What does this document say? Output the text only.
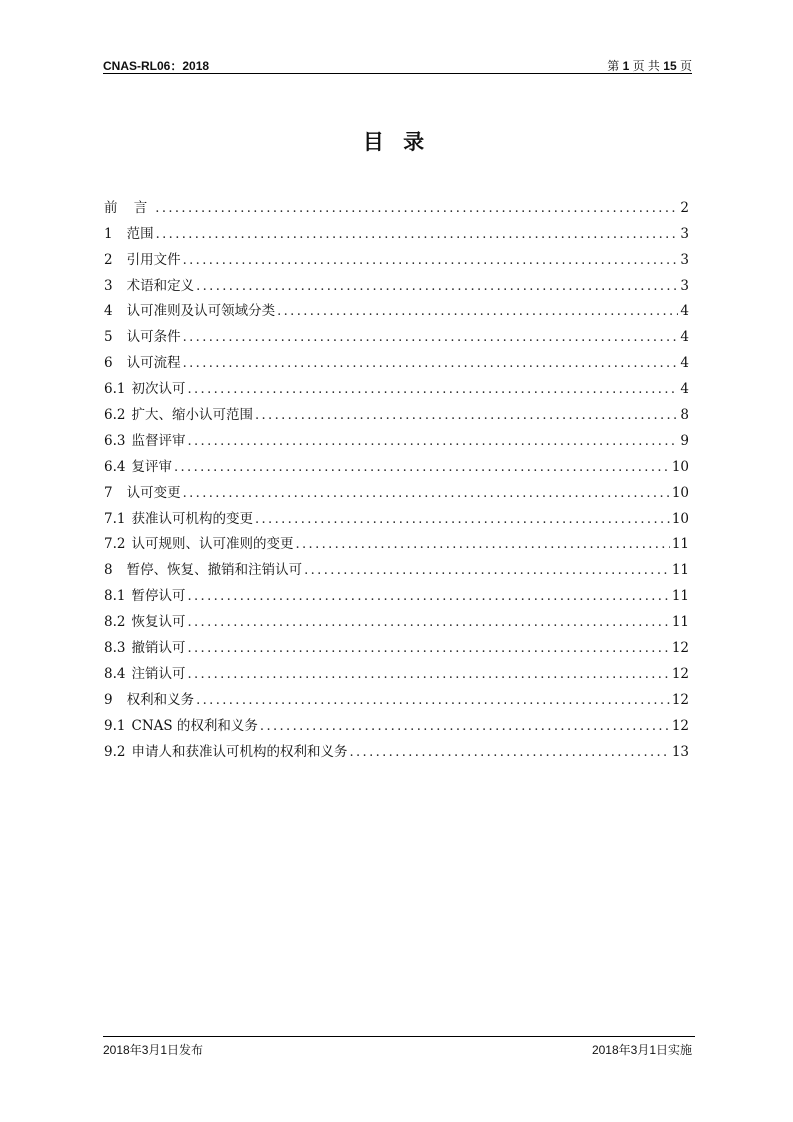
CNAS-RL06：2018	第 1 页 共 15 页
目 录
前 言 .....	2
1 范围 .....	3
2 引用文件 .....	3
3 术语和定义 .....	3
4 认可准则及认可领域分类 .....	4
5 认可条件 .....	4
6 认可流程 .....	4
6.1 初次认可 .....	4
6.2 扩大、缩小认可范围 .....	8
6.3 监督评审 .....	9
6.4 复评审 .....	10
7 认可变更 .....	10
7.1 获准认可机构的变更 .....	10
7.2 认可规则、认可准则的变更 .....	11
8 暂停、恢复、撤销和注销认可 .....	11
8.1 暂停认可 .....	11
8.2 恢复认可 .....	11
8.3 撤销认可 .....	12
8.4 注销认可 .....	12
9 权利和义务 .....	12
9.1 CNAS 的权利和义务 .....	12
9.2 申请人和获准认可机构的权利和义务 .....	13
2018年3月1日发布	2018年3月1日实施
